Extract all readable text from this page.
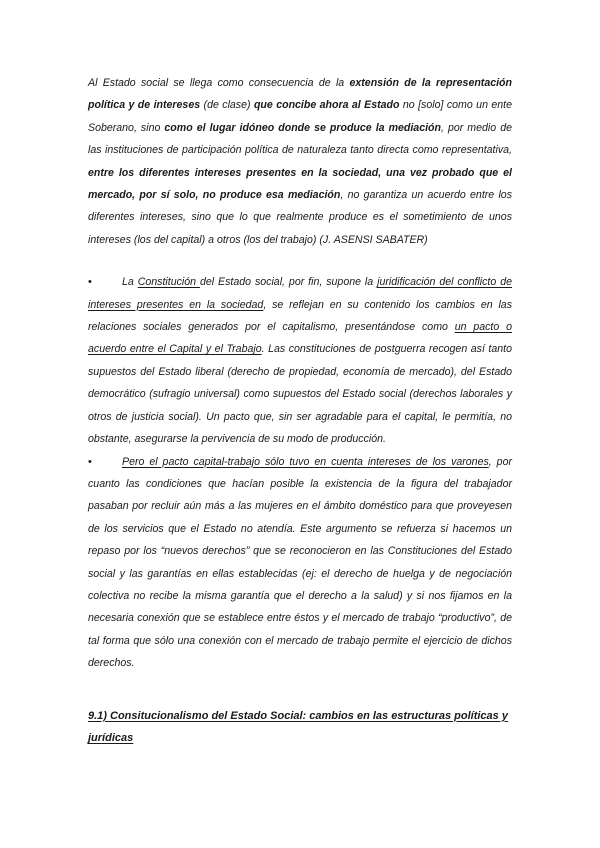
Al Estado social se llega como consecuencia de la extensión de la representación política y de intereses (de clase) que concibe ahora al Estado no [solo] como un ente Soberano, sino como el lugar idóneo donde se produce la mediación, por medio de las instituciones de participación política de naturaleza tanto directa como representativa, entre los diferentes intereses presentes en la sociedad, una vez probado que el mercado, por sí solo, no produce esa mediación, no garantiza un acuerdo entre los diferentes intereses, sino que lo que realmente produce es el sometimiento de unos intereses (los del capital) a otros (los del trabajo) (J. ASENSI SABATER)

•	La Constitución del Estado social, por fin, supone la juridificación del conflicto de intereses presentes en la sociedad, se reflejan en su contenido los cambios en las relaciones sociales generados por el capitalismo, presentándose como un pacto o acuerdo entre el Capital y el Trabajo. Las constituciones de postguerra recogen así tanto supuestos del Estado liberal (derecho de propiedad, economía de mercado), del Estado democrático (sufragio universal) como supuestos del Estado social (derechos laborales y otros de justicia social). Un pacto que, sin ser agradable para el capital, le permitía, no obstante, asegurarse la pervivencia de su modo de producción.

•	Pero el pacto capital-trabajo sólo tuvo en cuenta intereses de los varones, por cuanto las condiciones que hacían posible la existencia de la figura del trabajador pasaban por recluir aún más a las mujeres en el ámbito doméstico para que proveyesen de los servicios que el Estado no atendía. Este argumento se refuerza si hacemos un repaso por los “nuevos derechos” que se reconocieron en las Constituciones del Estado social y las garantías en ellas establecidas (ej: el derecho de huelga y de negociación colectiva no recibe la misma garantía que el derecho a la salud) y si nos fijamos en la necesaria conexión que se establece entre éstos y el mercado de trabajo “productivo”, de tal forma que sólo una conexión con el mercado de trabajo permite el ejercicio de dichos derechos.

9.1) Consitucionalismo del Estado Social: cambios en las estructuras políticas y jurídicas
